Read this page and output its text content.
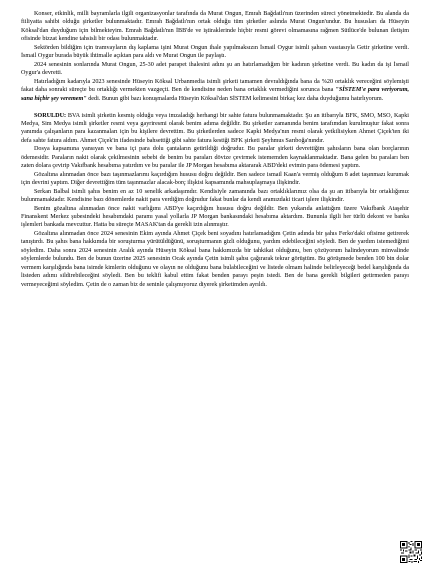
Konser, etkinlik, milli bayramlarla ilgili organizasyonlar tarafında da Murat Ongun, Emrah Bağdatlı'nın üzerinden süreci yönetmektedir. Bu alanda da fiiliyatta sahibi olduğu şirketler bulunmaktadır. Emrah Bağdatlı'nın ortak olduğu tüm şirketler aslında Murat Ongun'undur. Bu hususları da Hüseyin Köksal'dan duyduğum için bilmekteyim. Emrah Bağdatlı'nın İBB'de ve iştiraklerinde hiçbir resmi görevi olmamasına rağmen Sütlüce'de bulunan iletişim ofisinde bizzat kendine tahsisli bir odası bulunmaktadır.

Sektörden bildiğim için tramvayların dış kaplama işini Murat Ongun ihale yapılmaksızın İsmail Oygur isimli şahsın vasıtasıyla Getir şirketine verdi. İsmail Oygur burada büyük ihtimalle açıktan para aldı ve Murat Ongun ile paylaştı.

2024 senesinin sonlarında Murat Ongun, 25-30 adet parapet ihalesini adını şu an hatırlamadığım bir kadının şirketine verdi. Bu kadın da işi İsmail Oygur'a devretti.

Hatırladığım kadarıyla 2023 senesinde Hüseyin Köksal Urbanmedia isimli şirketi tamamen devraldığında bana da %20 ortaklık vereceğini söylemişti fakat daha sonraki süreçte bu ortaklığı vermekten vazgeçti. Ben de kendisine neden bana ortaklık vermediğini sorunca bana "SİSTEM'e para veriyorum, sana hiçbir şey veremem" dedi. Bunun gibi bazı konuşmalarda Hüseyin Köksal'dan SİSTEM kelimesini birkaç kez daha duyduğumu hatırlıyorum.

SORULDU: BVA isimli şirketin kesmiş olduğu veya imzaladığı herhangi bir sahte fatura bulunmamaktadır. Şu an itibarıyla BFK, SMO, MSO, Kapki Medya, Sim Medya isimli şirketler resmi veya gayriresmi olarak benim adıma değildir. Bu şirketler zamanında benim tarafımdan kurulmuştur fakat sonra yanımda çalışanların para kazanmaları için bu kişilere devrettim. Bu şirketlerden sadece Kapki Medya'nın resmi olarak yetkilisiyken Ahmet Çiçek'ten iki defa sahte fatura aldım. Ahmet Çiçek'in ifadesinde bahsettiği gibi sahte fatura kestiği BFK şirketi Şeyhmus Sarıboğa'nındır.

Dosya kapsamına yansıyan ve bana içi para dolu çantaların getirildiği doğrudur. Bu paralar şirketi devrettiğim şahısların bana olan borçlarının ödemesidir. Paraların nakit olarak çekilmesinin sebebi de benim bu paraları dövize çevirmek istememden kaynaklanmaktadır. Bana gelen bu paraları ben zaten dolara çevirip Vakıfbank hesabıma yatırdım ve bu paralar ile JP Morgan hesabıma aktararak ABD'deki evimin para ödemesi yaptım.

Gözaltına alınmadan önce bazı taşınmazlarımı kaçırdığım hususu doğru değildir. Ben sadece ismail Kaan'a vermiş olduğum 8 adet taşınmazı kurumak için devrini yaptım. Diğer devrettiğim tüm taşınmazlar alacak-borç ilişkisi kapsamında mahsuplaşmaya ilişkindir.

Serkan Balbal isimli şahıs benim en az 10 senelik arkadaşımdır. Kendisiyle zamanında bazı ortaklıklarımız olsa da şu an itibarıyla bir ortaklığımız bulunmamaktadır. Kendisine bazı dönemlerde nakit para verdiğim doğrudur fakat bunlar da kendi aramızdaki ticari işlere ilişkindir.

Benim gözaltına alınmadan önce nakit varlığımı ABD'ye kaçırdığım hususu doğru değildir. Ben yukarıda anlattığım üzere Vakıfbank Ataşehir Finanskent Merkez şubesindeki hesabımdaki paramı yasal yollarla JP Morgan bankasındaki hesabıma aktardım. Bununla ilgili her türlü dekont ve banka işlemleri bankada mevcuttur. Hatta bu süreçte MASAK'tan da gerekli izin alınmıştır.

Gözaltına alınmadan önce 2024 senesinin Ekim ayında Ahmet Çiçek beni soyadını hatırlamadığım Çetin adında bir şahıs Ferko'daki ofisime getirerek tanıştırdı. Bu şahıs bana hakkımda bir soruşturma yürütüldüğünü, soruşturmanın gizli olduğunu, yardım edebileceğini söyledi. Ben de yardım istemediğimi söyledim. Daha sonra 2024 senesinin Aralık ayında Hüseyin Köksal bana hakkımızda bir tahkikat olduğunu, ben çözüyorum halindeyorum minvalinde söylemlerde bulundu. Ben de bunun üzerine 2025 senesinin Ocak ayında Çetin isimli şahsı çağırarak tekrar görüştüm. Bu görüşmede benden 100 bin dolar vermem karşılığında bana isimde kimlerin olduğunu ve olayın ne olduğunu bana bulabileceğini ve listede olmam halinde belirleyeceği bedel karşılığında da listeden adımı sildirebileceğini söyledi. Ben bu teklifi kabul ettim fakat benden parayı peşin istedi. Ben de bana gerekli bilgileri getirmeden parayı vermeyeceğimi söyledim. Çetin de o zaman biz de seninle çalışmıyoruz diyerek şirketimden ayrıldı.
